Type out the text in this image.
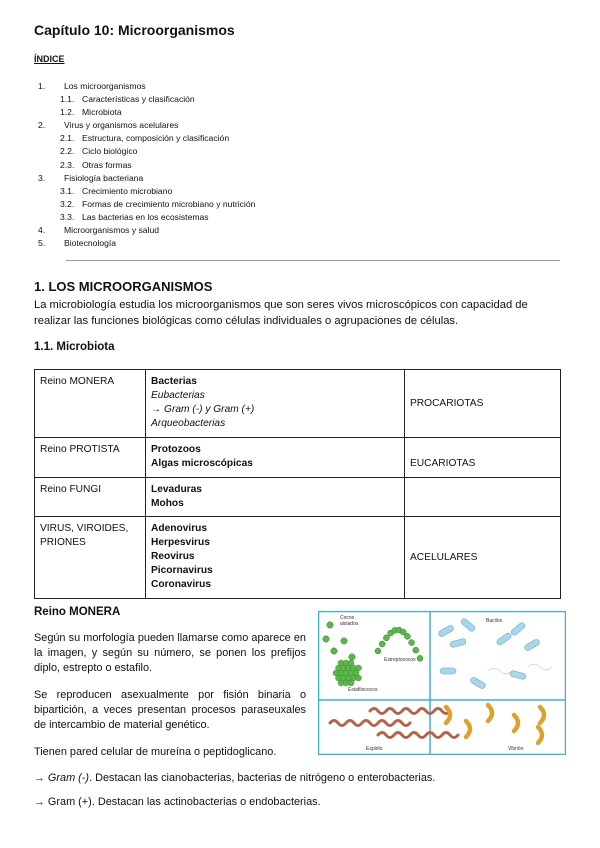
Capítulo 10: Microorganismos
ÍNDICE
1.	Los microorganismos
1.1. Características y clasificación
1.2. Microbiota
2.	Virus y organismos acelulares
2.1. Estructura, composición y clasificación
2.2. Ciclo biológico
2.3. Otras formas
3.	Fisiología bacteriana
3.1. Crecimiento microbiano
3.2. Formas de crecimiento microbiano y nutrición
3.3. Las bacterias en los ecosistemas
4.	Microorganismos y salud
5.	Biotecnología
1. LOS MICROORGANISMOS
La microbiología estudia los microorganismos que son seres vivos microscópicos con capacidad de realizar las funciones biológicas como células individuales o agrupaciones de células.
1.1. Microbiota
Reino MONERA	Bacterias
Eubacterias
→ Gram (-) y Gram (+)
Arqueobacterias	PROCARIOTAS
Reino PROTISTA	Protozoos
Algas microscópicas	EUCARIOTAS
Reino FUNGI	Levaduras
Mohos	

VIRUS, VIROIDES, PRIONES	Adenovirus
Herpesvirus
Reovirus
Picornavirus
Coronavirus	ACELULARES
Reino MONERA
Según su morfología pueden llamarse como aparece en la imagen, y según su número, se ponen los prefijos diplo, estrepto o estafilo.
Se reproducen asexualmente por fisión binaria o bipartición, a veces presentan procesos paraseuxales de intercambio de material genético.
Tienen pared celular de mureína o peptidoglicano.
→ Gram (-). Destacan las cianobacterias, bacterias de nitrógeno o enterobacterias.
→ Gram (+). Destacan las actinobacterias o endobacterias.
Cocos
aislados
Estreptococos
Estafilococos
Bacilos
Espirilo	Vibrión
